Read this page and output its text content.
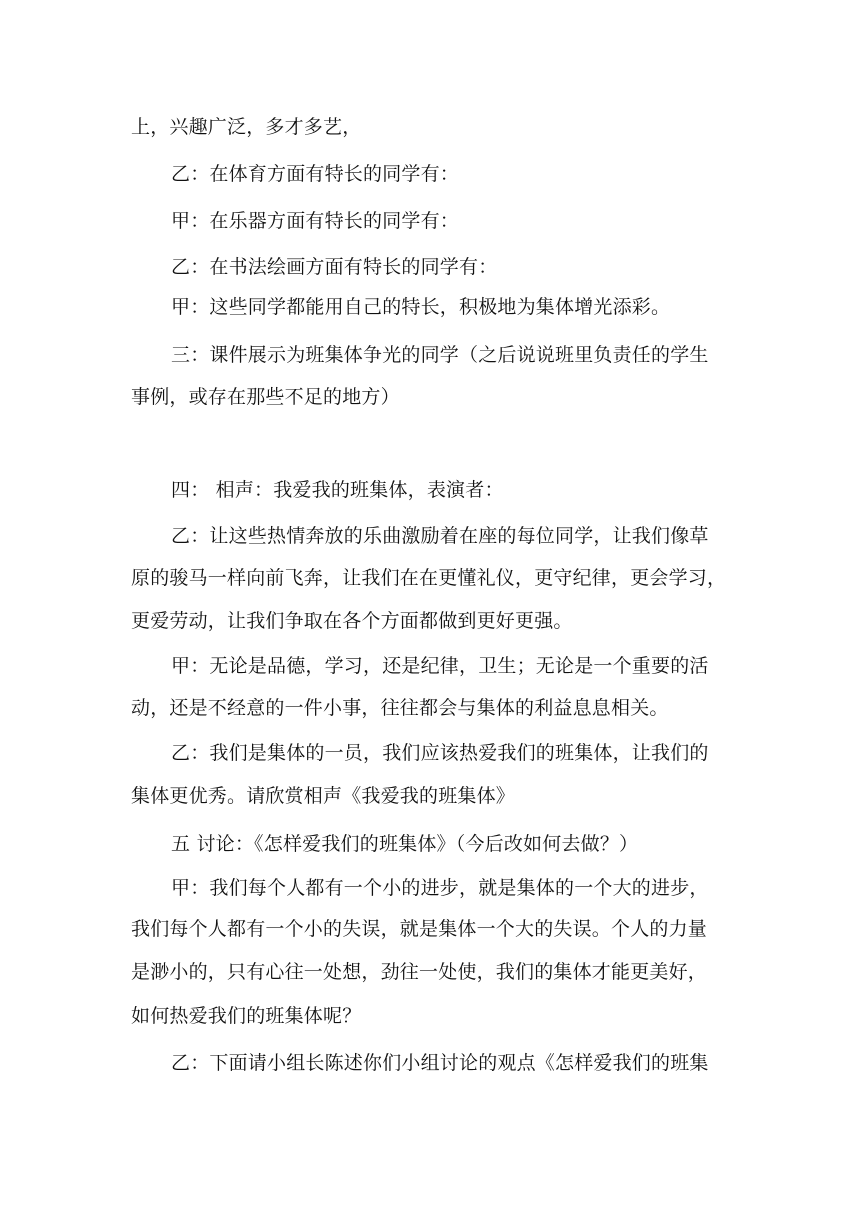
上，兴趣广泛，多才多艺，
乙：在体育方面有特长的同学有：
甲：在乐器方面有特长的同学有：
乙：在书法绘画方面有特长的同学有：
甲：这些同学都能用自己的特长，积极地为集体增光添彩。
三：课件展示为班集体争光的同学（之后说说班里负责任的学生
事例，或存在那些不足的地方）
四： 相声：我爱我的班集体，表演者：
乙：让这些热情奔放的乐曲激励着在座的每位同学，让我们像草
原的骏马一样向前飞奔，让我们在在更懂礼仪，更守纪律，更会学习，
更爱劳动，让我们争取在各个方面都做到更好更强。
甲：无论是品德，学习，还是纪律，卫生；无论是一个重要的活
动，还是不经意的一件小事，往往都会与集体的利益息息相关。
乙：我们是集体的一员，我们应该热爱我们的班集体，让我们的
集体更优秀。请欣赏相声《我爱我的班集体》
五 讨论：《怎样爱我们的班集体》（今后改如何去做？）
甲：我们每个人都有一个小的进步，就是集体的一个大的进步，
我们每个人都有一个小的失误，就是集体一个大的失误。个人的力量
是渺小的，只有心往一处想，劲往一处使，我们的集体才能更美好，
如何热爱我们的班集体呢？
乙：下面请小组长陈述你们小组讨论的观点《怎样爱我们的班集
